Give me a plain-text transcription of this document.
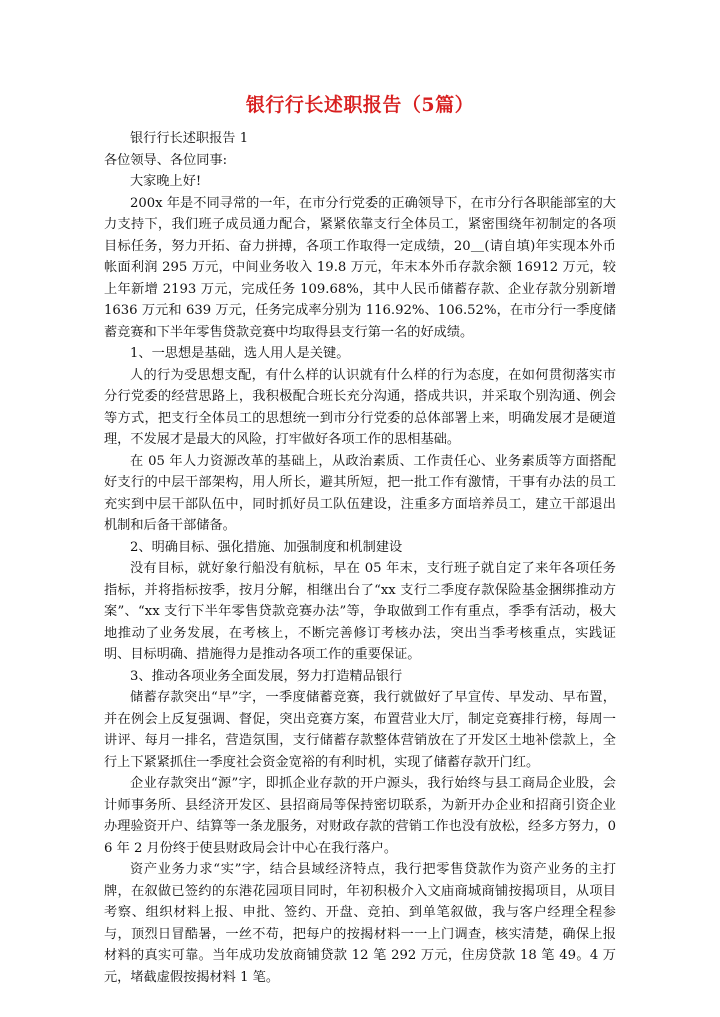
银行行长述职报告（5篇）

银行行长述职报告 1

各位领导、各位同事:

大家晚上好!

200x 年是不同寻常的一年，在市分行党委的正确领导下，在市分行各职能部室的大力支持下，我们班子成员通力配合，紧紧依靠支行全体员工，紧密围绕年初制定的各项目标任务，努力开拓、奋力拼搏，各项工作取得一定成绩，20＿(请自填)年实现本外币帐面利润 295 万元，中间业务收入 19.8 万元，年末本外币存款余额 16912 万元，较上年新增 2193 万元，完成任务 109.68%，其中人民币储蓄存款、企业存款分别新增 1636 万元和 639 万元，任务完成率分别为 116.92%、106.52%，在市分行一季度储蓄竞赛和下半年零售贷款竞赛中均取得县支行第一名的好成绩。

1、一思想是基础，选人用人是关键。

人的行为受思想支配，有什么样的认识就有什么样的行为态度，在如何贯彻落实市分行党委的经营思路上，我积极配合班长充分沟通，搭成共识，并采取个别沟通、例会等方式，把支行全体员工的思想统一到市分行党委的总体部署上来，明确发展才是硬道理，不发展才是最大的风险，打牢做好各项工作的思相基础。

在 05 年人力资源改革的基础上，从政治素质、工作责任心、业务素质等方面搭配好支行的中层干部架构，用人所长，避其所短，把一批工作有激情，干事有办法的员工充实到中层干部队伍中，同时抓好员工队伍建设，注重多方面培养员工，建立干部退出机制和后备干部储备。

2、明确目标、强化措施、加强制度和机制建设

没有目标，就好象行船没有航标，早在 05 年末，支行班子就自定了来年各项任务指标，并将指标按季，按月分解，相继出台了“xx 支行二季度存款保险基金捆绑推动方案”、“xx 支行下半年零售贷款竞赛办法”等，争取做到工作有重点，季季有活动，极大地推动了业务发展，在考核上，不断完善修订考核办法，突出当季考核重点，实践证明、目标明确、措施得力是推动各项工作的重要保证。

3、推动各项业务全面发展，努力打造精品银行

储蓄存款突出“早”字，一季度储蓄竞赛，我行就做好了早宣传、早发动、早布置，并在例会上反复强调、督促，突出竞赛方案，布置营业大厅，制定竞赛排行榜，每周一讲评、每月一排名，营造氛围，支行储蓄存款整体营销放在了开发区土地补偿款上，全行上下紧紧抓住一季度社会资金宽裕的有利时机，实现了储蓄存款开门红。

企业存款突出“源”字，即抓企业存款的开户源头，我行始终与县工商局企业股，会计师事务所、县经济开发区、县招商局等保持密切联系，为新开办企业和招商引资企业办理验资开户、结算等一条龙服务，对财政存款的营销工作也没有放松，经多方努力，06 年 2 月份终于使县财政局会计中心在我行落户。

资产业务力求“实”字，结合县域经济特点，我行把零售贷款作为资产业务的主打牌，在叙做已签约的东港花园项目同时，年初积极介入文庙商城商铺按揭项目，从项目考察、组织材料上报、申批、签约、开盘、竞拍、到单笔叙做，我与客户经理全程参与，顶烈日冒酷暑，一丝不苟，把每户的按揭材料一一上门调查，核实清楚，确保上报材料的真实可靠。当年成功发放商铺贷款 12 笔 292 万元，住房贷款 18 笔 49。4 万元，堵截虚假按揭材料 1 笔。
